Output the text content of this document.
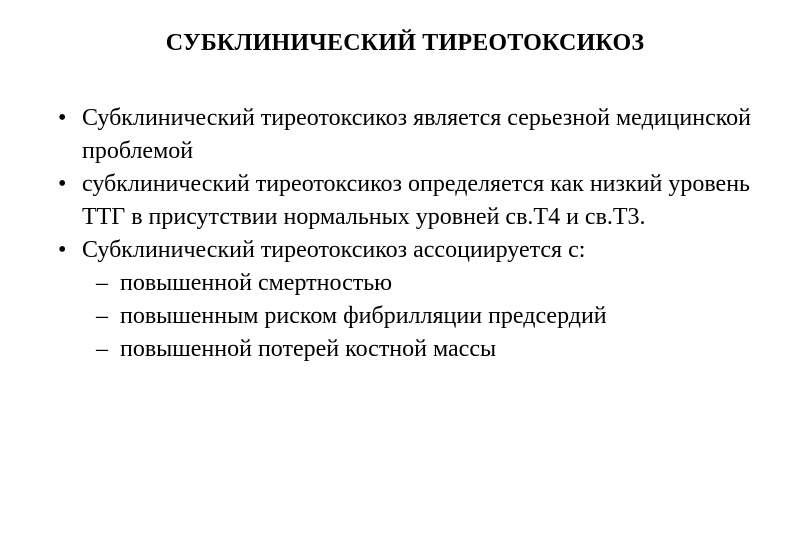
СУБКЛИНИЧЕСКИЙ ТИРЕОТОКСИКОЗ
• Субклинический тиреотоксикоз является серьезной медицинской проблемой
• субклинический тиреотоксикоз определяется как низкий уровень ТТГ в присутствии нормальных уровней св.Т4 и св.Т3.
• Субклинический тиреотоксикоз ассоциируется с:
– повышенной смертностью
– повышенным риском фибрилляции предсердий
– повышенной потерей костной массы
